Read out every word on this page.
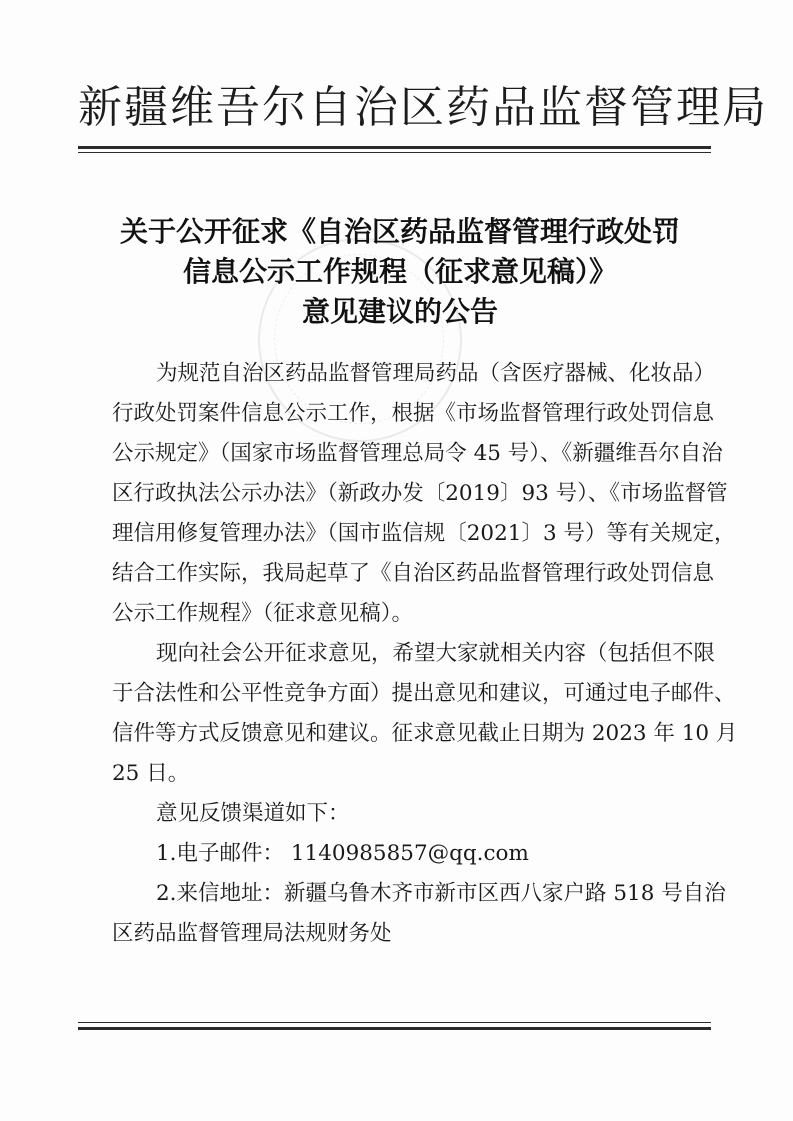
新疆维吾尔自治区药品监督管理局
关于公开征求《自治区药品监督管理行政处罚
信息公示工作规程（征求意见稿）》
意见建议的公告
为规范自治区药品监督管理局药品（含医疗器械、化妆品）
行政处罚案件信息公示工作，根据《市场监督管理行政处罚信息
公示规定》（国家市场监督管理总局令 45 号）、《新疆维吾尔自治
区行政执法公示办法》（新政办发〔2019〕93 号）、《市场监督管
理信用修复管理办法》（国市监信规〔2021〕3 号）等有关规定，
结合工作实际，我局起草了《自治区药品监督管理行政处罚信息
公示工作规程》（征求意见稿）。
现向社会公开征求意见，希望大家就相关内容（包括但不限
于合法性和公平性竞争方面）提出意见和建议，可通过电子邮件、
信件等方式反馈意见和建议。征求意见截止日期为 2023 年 10 月
25 日。
意见反馈渠道如下：
1.电子邮件： 1140985857@qq.com
2.来信地址：新疆乌鲁木齐市新市区西八家户路 518 号自治
区药品监督管理局法规财务处
